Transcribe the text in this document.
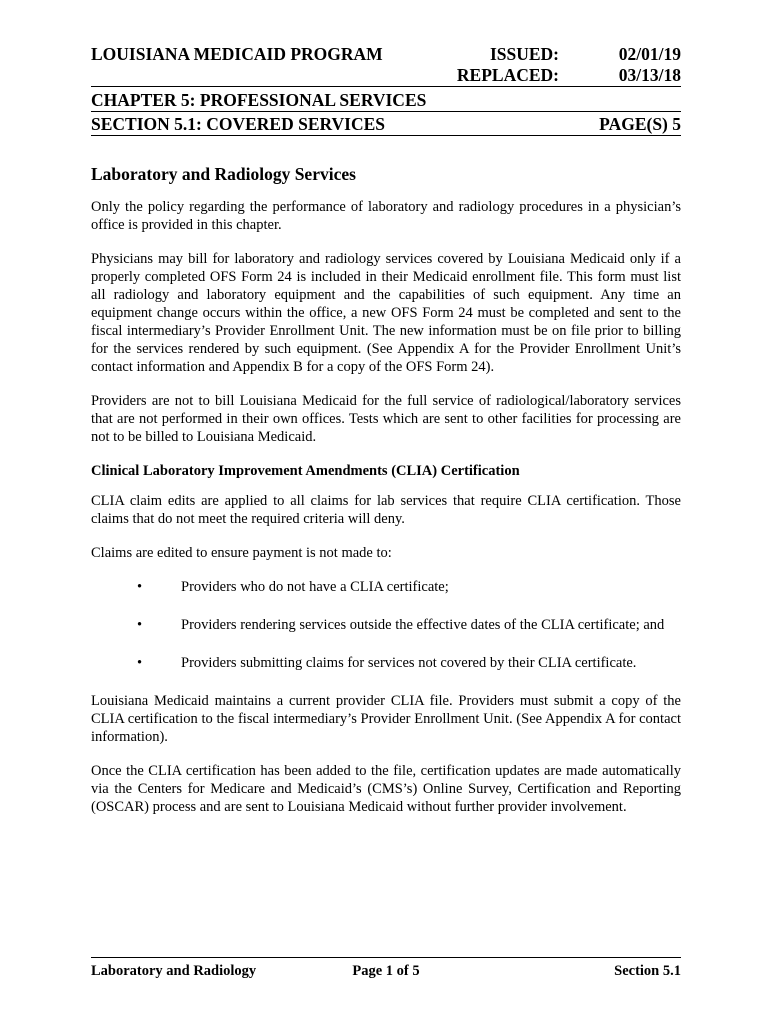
LOUISIANA MEDICAID PROGRAM	ISSUED:	02/01/19
REPLACED:	03/13/18
CHAPTER 5: PROFESSIONAL SERVICES
SECTION 5.1: COVERED SERVICES	PAGE(S) 5
Laboratory and Radiology Services

Only the policy regarding the performance of laboratory and radiology procedures in a physician’s office is provided in this chapter.

Physicians may bill for laboratory and radiology services covered by Louisiana Medicaid only if a properly completed OFS Form 24 is included in their Medicaid enrollment file. This form must list all radiology and laboratory equipment and the capabilities of such equipment. Any time an equipment change occurs within the office, a new OFS Form 24 must be completed and sent to the fiscal intermediary’s Provider Enrollment Unit. The new information must be on file prior to billing for the services rendered by such equipment. (See Appendix A for the Provider Enrollment Unit’s contact information and Appendix B for a copy of the OFS Form 24).

Providers are not to bill Louisiana Medicaid for the full service of radiological/laboratory services that are not performed in their own offices. Tests which are sent to other facilities for processing are not to be billed to Louisiana Medicaid.

Clinical Laboratory Improvement Amendments (CLIA) Certification

CLIA claim edits are applied to all claims for lab services that require CLIA certification. Those claims that do not meet the required criteria will deny.

Claims are edited to ensure payment is not made to:

•	Providers who do not have a CLIA certificate;
•	Providers rendering services outside the effective dates of the CLIA certificate; and
•	Providers submitting claims for services not covered by their CLIA certificate.

Louisiana Medicaid maintains a current provider CLIA file. Providers must submit a copy of the CLIA certification to the fiscal intermediary’s Provider Enrollment Unit. (See Appendix A for contact information).

Once the CLIA certification has been added to the file, certification updates are made automatically via the Centers for Medicare and Medicaid’s (CMS’s) Online Survey, Certification and Reporting (OSCAR) process and are sent to Louisiana Medicaid without further provider involvement.

Laboratory and Radiology	Page 1 of 5	Section 5.1
